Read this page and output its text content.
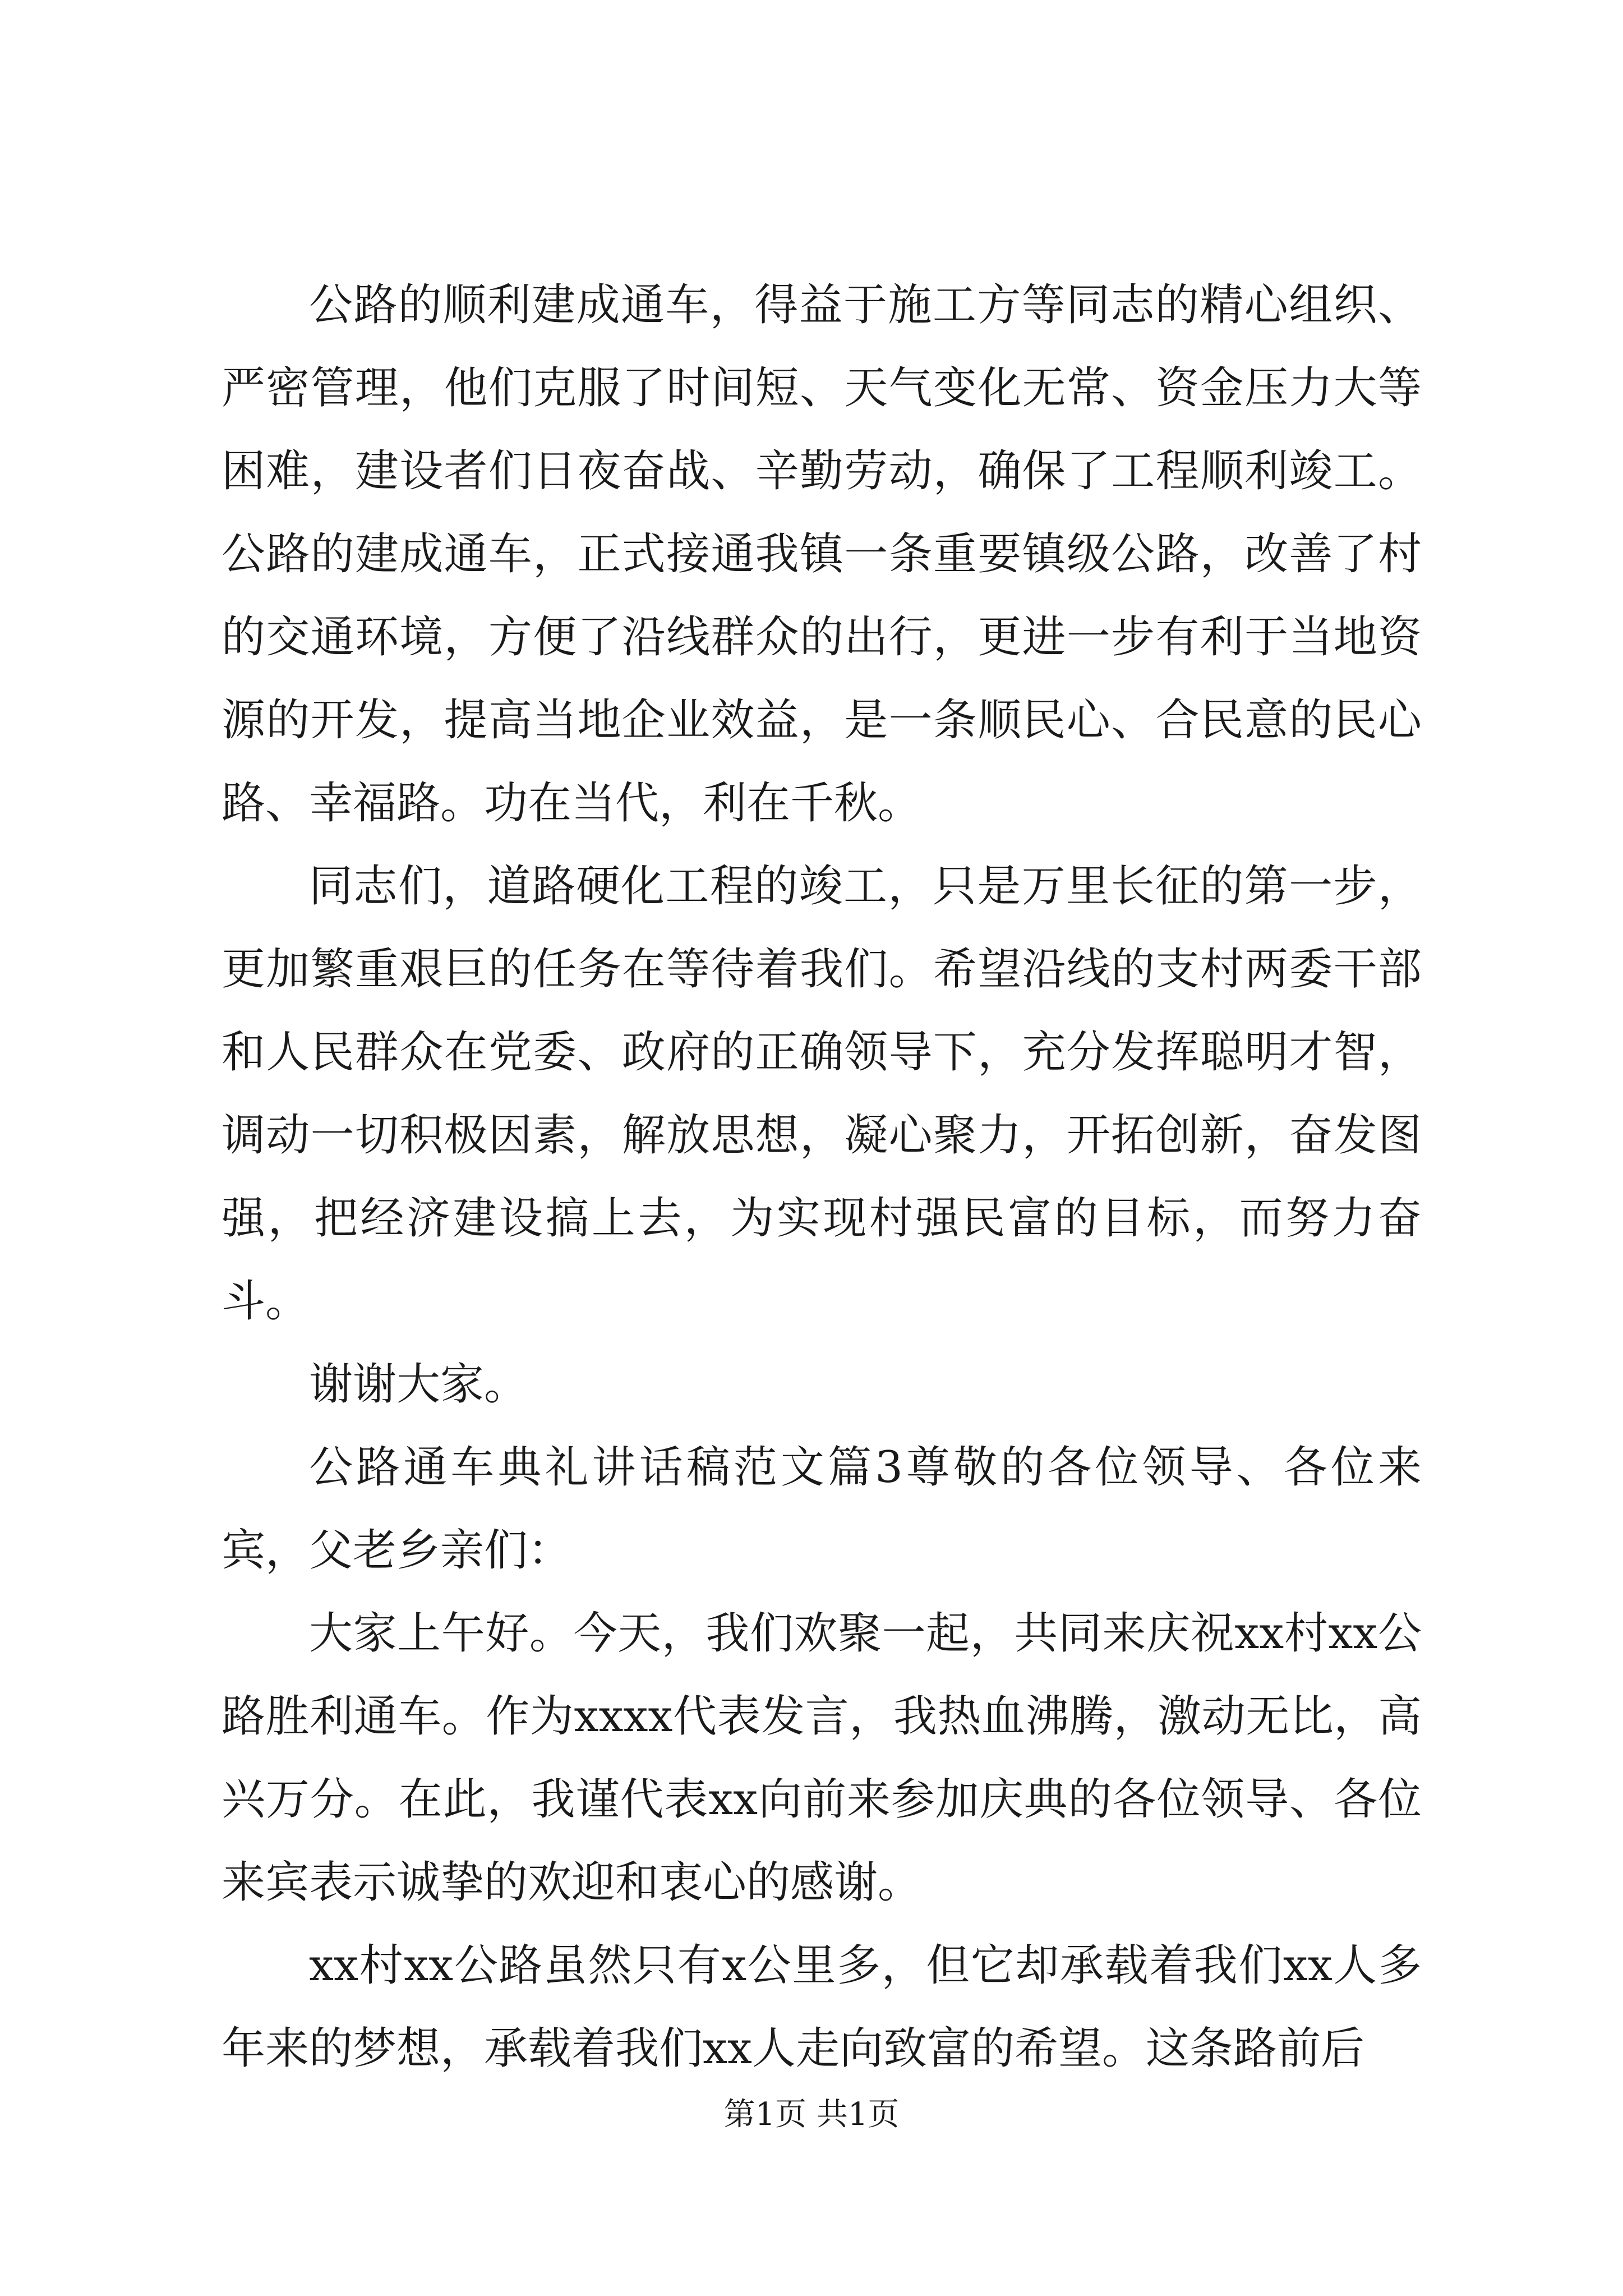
公路的顺利建成通车，得益于施工方等同志的精心组织、严密管理，他们克服了时间短、天气变化无常、资金压力大等困难，建设者们日夜奋战、辛勤劳动，确保了工程顺利竣工。公路的建成通车，正式接通我镇一条重要镇级公路，改善了村的交通环境，方便了沿线群众的出行，更进一步有利于当地资源的开发，提高当地企业效益，是一条顺民心、合民意的民心路、幸福路。功在当代，利在千秋。

同志们，道路硬化工程的竣工，只是万里长征的第一步，更加繁重艰巨的任务在等待着我们。希望沿线的支村两委干部和人民群众在党委、政府的正确领导下，充分发挥聪明才智，调动一切积极因素，解放思想，凝心聚力，开拓创新，奋发图强，把经济建设搞上去，为实现村强民富的目标，而努力奋斗。

谢谢大家。

公路通车典礼讲话稿范文篇3尊敬的各位领导、各位来宾，父老乡亲们：

大家上午好。今天，我们欢聚一起，共同来庆祝xx村xx公路胜利通车。作为xxxx代表发言，我热血沸腾，激动无比，高兴万分。在此，我谨代表xx向前来参加庆典的各位领导、各位来宾表示诚挚的欢迎和衷心的感谢。

xx村xx公路虽然只有x公里多，但它却承载着我们xx人多年来的梦想，承载着我们xx人走向致富的希望。这条路前后

第1页 共1页
